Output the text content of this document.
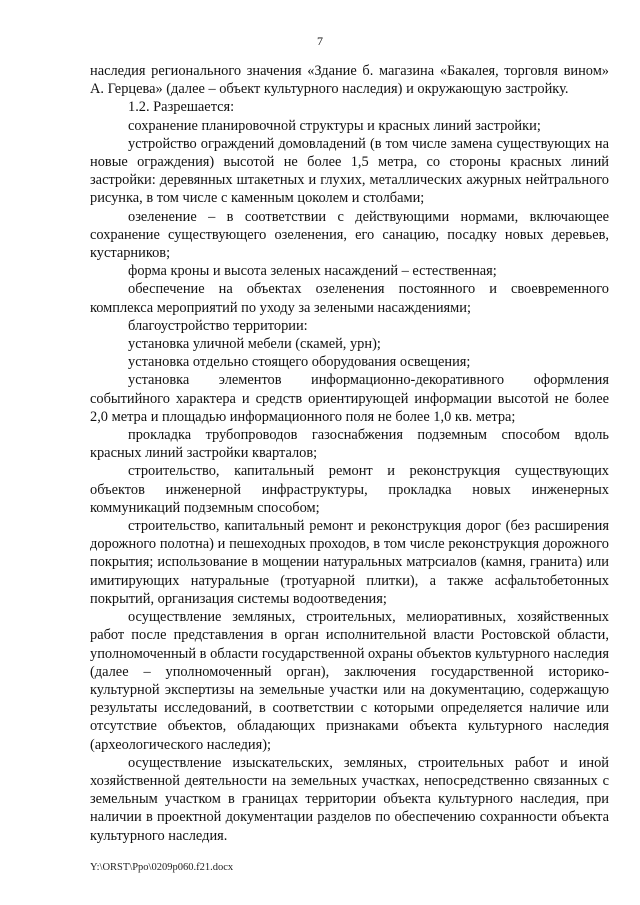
7

наследия регионального значения «Здание б. магазина «Бакалея, торговля вином» А. Герцева» (далее – объект культурного наследия) и окружающую застройку.

1.2. Разрешается:

сохранение планировочной структуры и красных линий застройки;

устройство ограждений домовладений (в том числе замена существующих на новые ограждения) высотой не более 1,5 метра, со стороны красных линий застройки: деревянных штакетных и глухих, металлических ажурных нейтрального рисунка, в том числе с каменным цоколем и столбами;

озеленение – в соответствии с действующими нормами, включающее сохранение существующего озеленения, его санацию, посадку новых деревьев, кустарников;

форма кроны и высота зеленых насаждений – естественная;

обеспечение на объектах озеленения постоянного и своевременного комплекса мероприятий по уходу за зелеными насаждениями;

благоустройство территории:

установка уличной мебели (скамей, урн);

установка отдельно стоящего оборудования освещения;

установка элементов информационно-декоративного оформления событийного характера и средств ориентирующей информации высотой не более 2,0 метра и площадью информационного поля не более 1,0 кв. метра;

прокладка трубопроводов газоснабжения подземным способом вдоль красных линий застройки кварталов;

строительство, капитальный ремонт и реконструкция существующих объектов инженерной инфраструктуры, прокладка новых инженерных коммуникаций подземным способом;

строительство, капитальный ремонт и реконструкция дорог (без расширения дорожного полотна) и пешеходных проходов, в том числе реконструкция дорожного покрытия; использование в мощении натуральных матрсиалов (камня, гранита) или имитирующих натуральные (тротуарной плитки), а также асфальтобетонных покрытий, организация системы водоотведения;

осуществление земляных, строительных, мелиоративных, хозяйственных работ после представления в орган исполнительной власти Ростовской области, уполномоченный в области государственной охраны объектов культурного наследия (далее – уполномоченный орган), заключения государственной историко-культурной экспертизы на земельные участки или на документацию, содержащую результаты исследований, в соответствии с которыми определяется наличие или отсутствие объектов, обладающих признаками объекта культурного наследия (археологического наследия);

осуществление изыскательских, земляных, строительных работ и иной хозяйственной деятельности на земельных участках, непосредственно связанных с земельным участком в границах территории объекта культурного наследия, при наличии в проектной документации разделов по обеспечению сохранности объекта культурного наследия.

Y:\ORST\Ppo\0209p060.f21.docx
